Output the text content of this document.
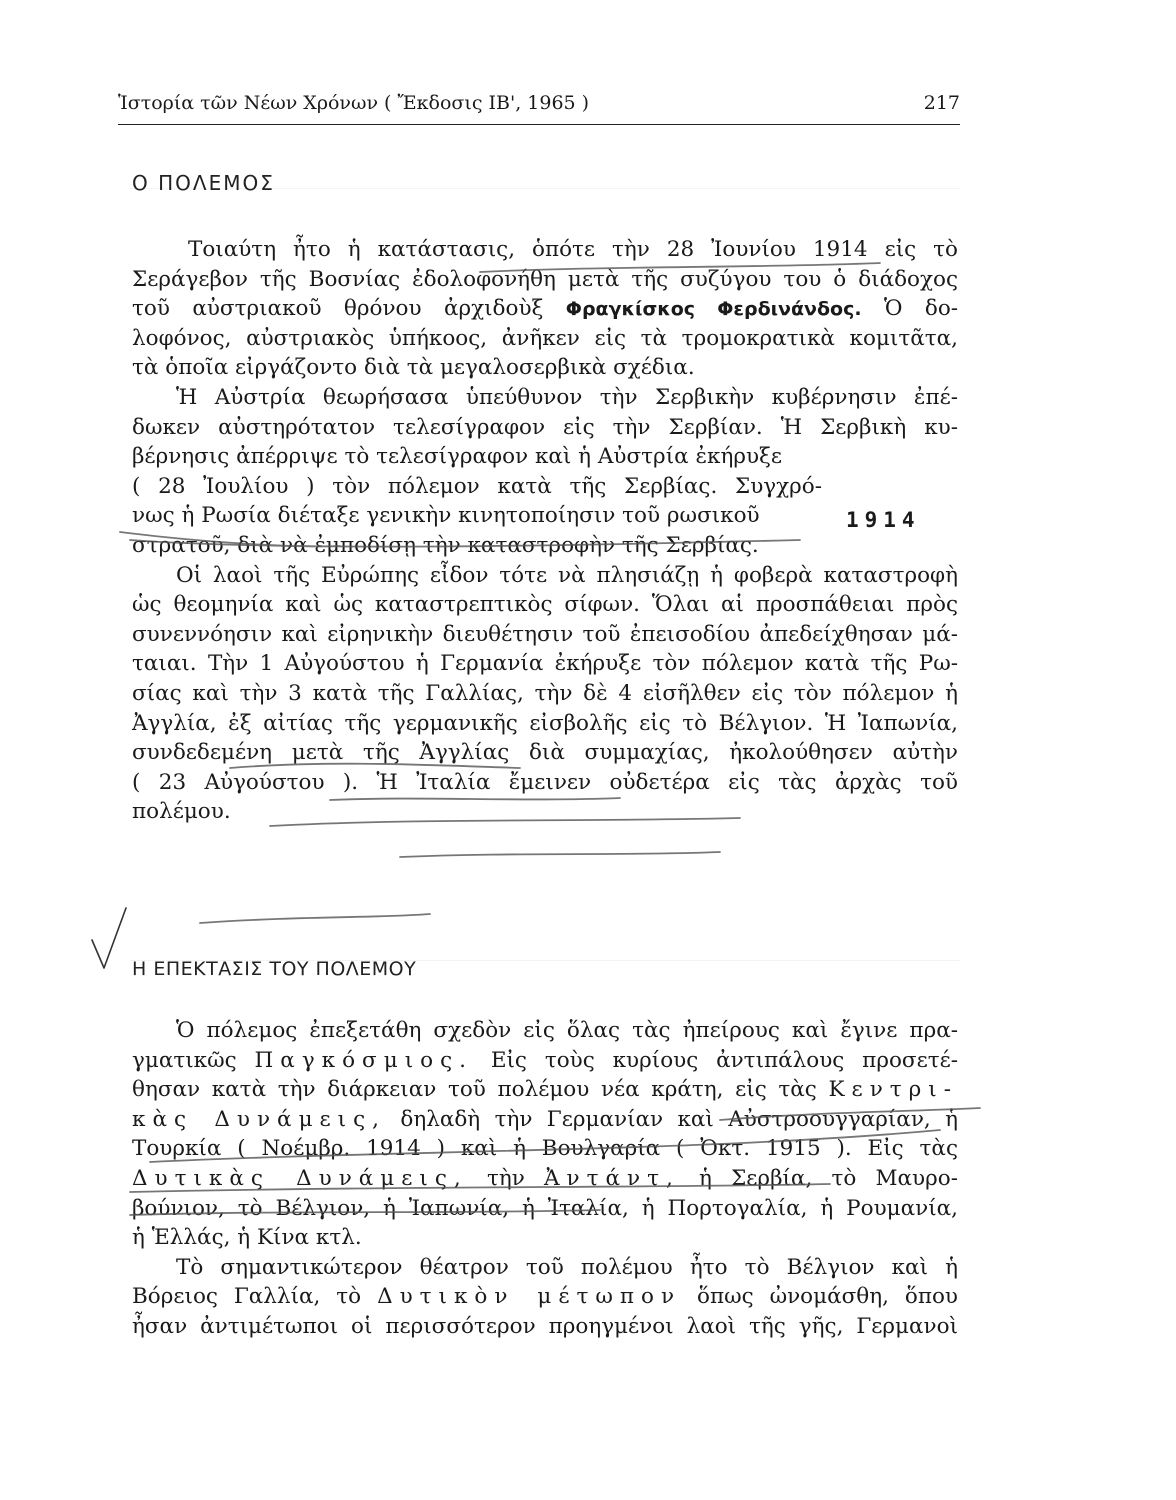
Ἱστορία τῶν Νέων Χρόνων ( Ἔκδοσις ΙΒ', 1965 )	217
Ο ΠΟΛΕΜΟΣ
Τοιαύτη ἦτο ἡ κατάστασις, ὁπότε τὴν 28 Ἰουνίου 1914 εἰς τὸ
Σεράγεβον τῆς Βοσνίας ἐδολοφονήθη μετὰ τῆς συζύγου του ὁ διάδοχος
τοῦ αὐστριακοῦ θρόνου ἀρχιδοὺξ Φραγκίσκος Φερδινάνδος. Ὁ δο-
λοφόνος, αὐστριακὸς ὑπήκοος, ἀνῆκεν εἰς τὰ τρομοκρατικὰ κομιτᾶτα,
τὰ ὁποῖα εἰργάζοντο διὰ τὰ μεγαλοσερβικὰ σχέδια.
Ἡ Αὐστρία θεωρήσασα ὑπεύθυνον τὴν Σερβικὴν κυβέρνησιν ἐπέ-
δωκεν αὐστηρότατον τελεσίγραφον εἰς τὴν Σερβίαν. Ἡ Σερβικὴ κυ-
βέρνησις ἀπέρριψε τὸ τελεσίγραφον καὶ ἡ Αὐστρία ἐκήρυξε
( 28 Ἰουλίου ) τὸν πόλεμον κατὰ τῆς Σερβίας. Συγχρό-
νως ἡ Ρωσία διέταξε γενικὴν κινητοποίησιν τοῦ ρωσικοῦ
στρατοῦ, διὰ νὰ ἐμποδίσῃ τὴν καταστροφὴν τῆς Σερβίας.
Οἱ λαοὶ τῆς Εὐρώπης εἶδον τότε νὰ πλησιάζῃ ἡ φοβερὰ καταστροφὴ
ὡς θεομηνία καὶ ὡς καταστρεπτικὸς σίφων. Ὅλαι αἱ προσπάθειαι πρὸς
συνεννόησιν καὶ εἰρηνικὴν διευθέτησιν τοῦ ἐπεισοδίου ἀπεδείχθησαν μά-
ταιαι. Τὴν 1 Αὐγούστου ἡ Γερμανία ἐκήρυξε τὸν πόλεμον κατὰ τῆς Ρω-
σίας καὶ τὴν 3 κατὰ τῆς Γαλλίας, τὴν δὲ 4 εἰσῆλθεν εἰς τὸν πόλεμον ἡ
Ἀγγλία, ἐξ αἰτίας τῆς γερμανικῆς εἰσβολῆς εἰς τὸ Βέλγιον. Ἡ Ἰαπωνία,
συνδεδεμένη μετὰ τῆς Ἀγγλίας διὰ συμμαχίας, ἠκολούθησεν αὐτὴν
( 23 Αὐγούστου ). Ἡ Ἰταλία ἔμεινεν οὐδετέρα εἰς τὰς ἀρχὰς τοῦ
πολέμου.
1914
Η ΕΠΕΚΤΑΣΙΣ ΤΟΥ ΠΟΛΕΜΟΥ
Ὁ πόλεμος ἐπεξετάθη σχεδὸν εἰς ὅλας τὰς ἠπείρους καὶ ἔγινε πρα-
γματικῶς Παγκόσμιος. Εἰς τοὺς κυρίους ἀντιπάλους προσετέ-
θησαν κατὰ τὴν διάρκειαν τοῦ πολέμου νέα κράτη, εἰς τὰς Κεντρι-
κὰς Δυνάμεις, δηλαδὴ τὴν Γερμανίαν καὶ Αὐστροουγγαρίαν, ἡ
Τουρκία ( Νοέμβρ. 1914 ) καὶ ἡ Βουλγαρία ( Ὀκτ. 1915 ). Εἰς τὰς
Δυτικὰς Δυνάμεις, τὴν Ἀντάντ, ἡ Σερβία, τὸ Μαυρο-
βούνιον, τὸ Βέλγιον, ἡ Ἰαπωνία, ἡ Ἰταλία, ἡ Πορτογαλία, ἡ Ρουμανία,
ἡ Ἑλλάς, ἡ Κίνα κτλ.
Τὸ σημαντικώτερον θέατρον τοῦ πολέμου ἦτο τὸ Βέλγιον καὶ ἡ
Βόρειος Γαλλία, τὸ Δυτικὸν μέτωπον ὅπως ὠνομάσθη, ὅπου
ἦσαν ἀντιμέτωποι οἱ περισσότερον προηγμένοι λαοὶ τῆς γῆς, Γερμανοὶ
